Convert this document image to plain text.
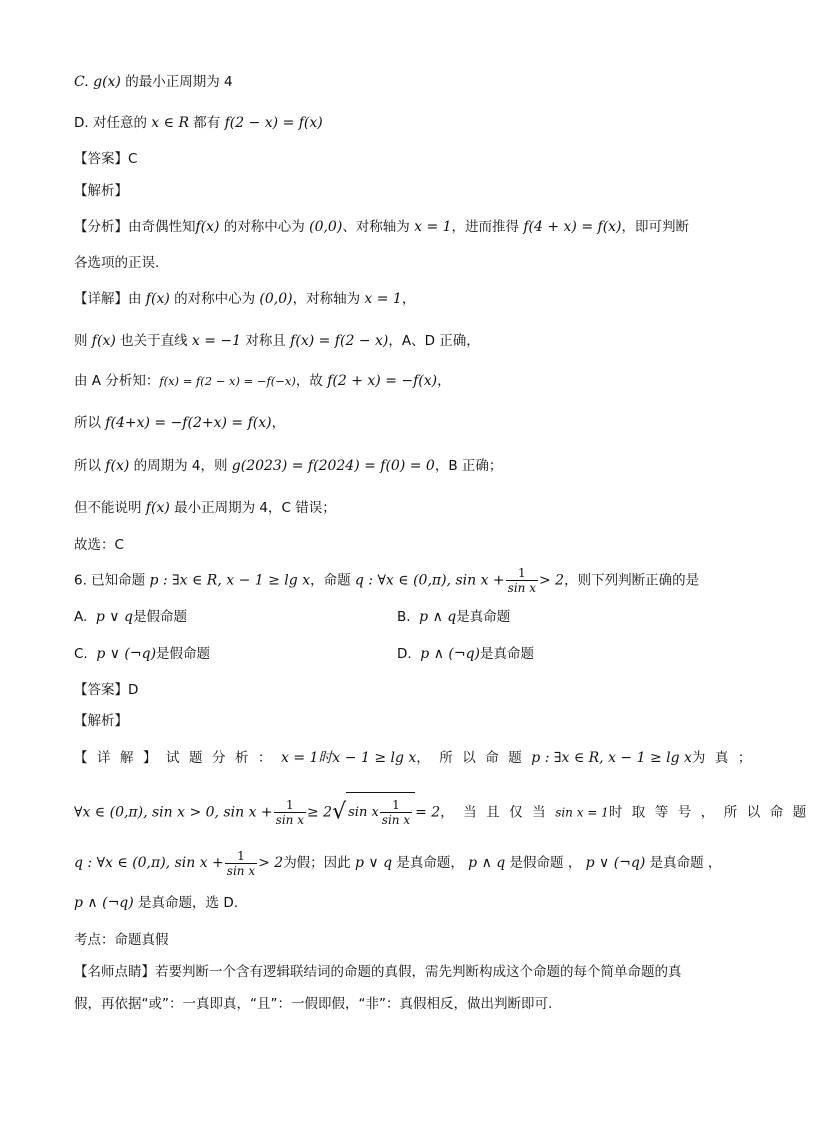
C. g(x) 的最小正周期为 4
D. 对任意的 x ∈ R 都有 f(2 − x) = f(x)
【答案】C
【解析】
【分析】由奇偶性知f(x) 的对称中心为 (0,0)、对称轴为 x = 1，进而推得 f(4 + x) = f(x)，即可判断
各选项的正误.
【详解】由 f(x) 的对称中心为 (0,0)，对称轴为 x = 1，
则 f(x) 也关于直线 x = −1 对称且 f(x) = f(2 − x)，A、D 正确，
由 A 分析知：f(x) = f(2 − x) = −f(−x)，故 f(2 + x) = −f(x)，
所以 f(4+x) = −f(2+x) = f(x)，
所以 f(x) 的周期为 4，则 g(2023) = f(2024) = f(0) = 0，B 正确；
但不能说明 f(x) 最小正周期为 4，C 错误；
故选：C
6. 已知命题 p : ∃x ∈ R, x − 1 ≥ lg x，命题 q : ∀x ∈ (0,π), $\sin x + \frac{1}{\text{sin x}} > 2$，则下列判断正确的是
A. p ∨ q是假命题	B. p ∧ q是真命题
C. p ∨ (¬q)是假命题	D. p ∧ (¬q)是真命题
【答案】D
【解析】
【详解】试题分析：x = 1时x − 1 ≥ lg x，所以命题p : ∃x ∈ R, x − 1 ≥ lg x为真；
∀x ∈ (0,π), sin x > 0, $\sin x + \frac{1}{\text{sin x}} \ge 2√$ sin x $\frac{1}{\text{sin x}} = 2$，当且仅当sin x = 1时取等号，所以命题
q : ∀x ∈ (0,π), $\sin x + \frac{1}{\text{sin x}} > 2$为假；因此 p ∨ q 是真命题， p ∧ q 是假命题 ， p ∨ (¬q) 是真命题 ，
p ∧ (¬q) 是真命题，选 D.
考点：命题真假
【名师点睛】若要判断一个含有逻辑联结词的命题的真假，需先判断构成这个命题的每个简单命题的真
假，再依据“或”：一真即真，“且”：一假即假，“非”：真假相反，做出判断即可.
